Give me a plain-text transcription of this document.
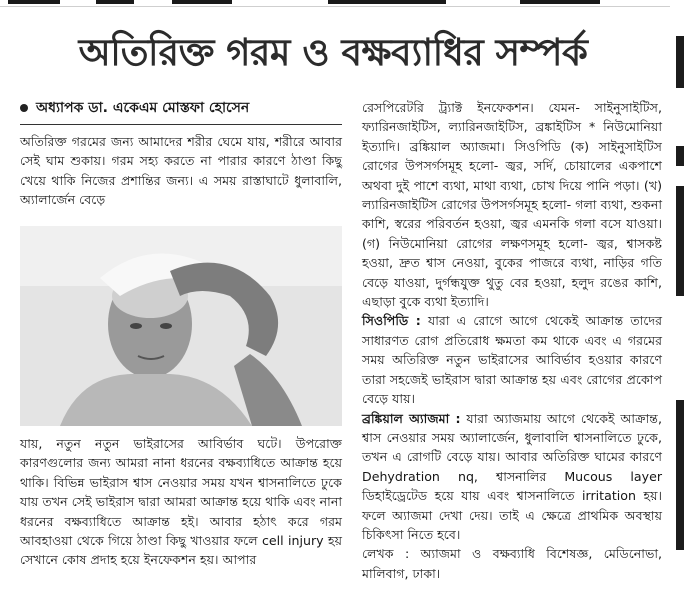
অতিরিক্ত গরম ও বক্ষব্যাধির সম্পর্ক
অধ্যাপক ডা. একেএম মোস্তফা হোসেন

অতিরিক্ত গরমের জন্য আমাদের শরীর ঘেমে যায়, শরীরে আবার সেই ঘাম শুকায়। গরম সহ্য করতে না পারার কারণে ঠাণ্ডা কিছু খেয়ে থাকি নিজের প্রশান্তির জন্য। এ সময় রাস্তাঘাটে ধুলাবালি, অ্যালার্জেন বেড়ে

যায়, নতুন নতুন ভাইরাসের আবির্ভাব ঘটে। উপরোক্ত কারণগুলোর জন্য আমরা নানা ধরনের বক্ষব্যাধিতে আক্রান্ত হয়ে থাকি। বিভিন্ন ভাইরাস শ্বাস নেওয়ার সময় যখন শ্বাসনালিতে ঢুকে যায় তখন সেই ভাইরাস দ্বারা আমরা আক্রান্ত হয়ে থাকি এবং নানা ধরনের বক্ষব্যাধিতে আক্রান্ত হই। আবার হঠাৎ করে গরম আবহাওয়া থেকে গিয়ে ঠাণ্ডা কিছু খাওয়ার ফলে cell injury হয় সেখানে কোষ প্রদাহ হয়ে ইনফেকশন হয়। আপার

রেসপিরেটরি ট্র্যাক্ট ইনফেকশন। যেমন- সাইনুসাইটিস, ফ্যারিনজাইটিস, ল্যারিনজাইটিস, ব্রঙ্কাইটিস * নিউমোনিয়া ইত্যাদি। ব্রঙ্কিয়াল অ্যাজমা। সিওপিডি (ক) সাইনুসাইটিস রোগের উপসর্গসমূহ হলো- জ্বর, সর্দি, চোয়ালের একপাশে অথবা দুই পাশে ব্যথা, মাথা ব্যথা, চোখ দিয়ে পানি পড়া। (খ) ল্যারিনজাইটিস রোগের উপসর্গসমূহ হলো- গলা ব্যথা, শুকনা কাশি, স্বরের পরিবর্তন হওয়া, জ্বর এমনকি গলা বসে যাওয়া। (গ) নিউমোনিয়া রোগের লক্ষণসমূহ হলো- জ্বর, শ্বাসকষ্ট হওয়া, দ্রুত শ্বাস নেওয়া, বুকের পাজরে ব্যথা, নাড়ির গতি বেড়ে যাওয়া, দুর্গন্ধযুক্ত থুতু বের হওয়া, হলুদ রঙের কাশি, এছাড়া বুকে ব্যথা ইত্যাদি।

সিওপিডি : যারা এ রোগে আগে থেকেই আক্রান্ত তাদের সাধারণত রোগ প্রতিরোধ ক্ষমতা কম থাকে এবং এ গরমের সময় অতিরিক্ত নতুন ভাইরাসের আবির্ভাব হওয়ার কারণে তারা সহজেই ভাইরাস দ্বারা আক্রান্ত হয় এবং রোগের প্রকোপ বেড়ে যায়।

ব্রঙ্কিয়াল অ্যাজমা : যারা অ্যাজমায় আগে থেকেই আক্রান্ত, শ্বাস নেওয়ার সময় অ্যালার্জেন, ধুলাবালি শ্বাসনালিতে ঢুকে, তখন এ রোগটি বেড়ে যায়। আবার অতিরিক্ত ঘামের কারণে Dehydration nq, শ্বাসনালির Mucous layer ডিহাইড্রেটেড হয়ে যায় এবং শ্বাসনালিতে irritation হয়। ফলে অ্যাজমা দেখা দেয়। তাই এ ক্ষেত্রে প্রাথমিক অবস্থায় চিকিৎসা নিতে হবে।

লেখক : অ্যাজমা ও বক্ষব্যাধি বিশেষজ্ঞ, মেডিনোভা, মালিবাগ, ঢাকা।
